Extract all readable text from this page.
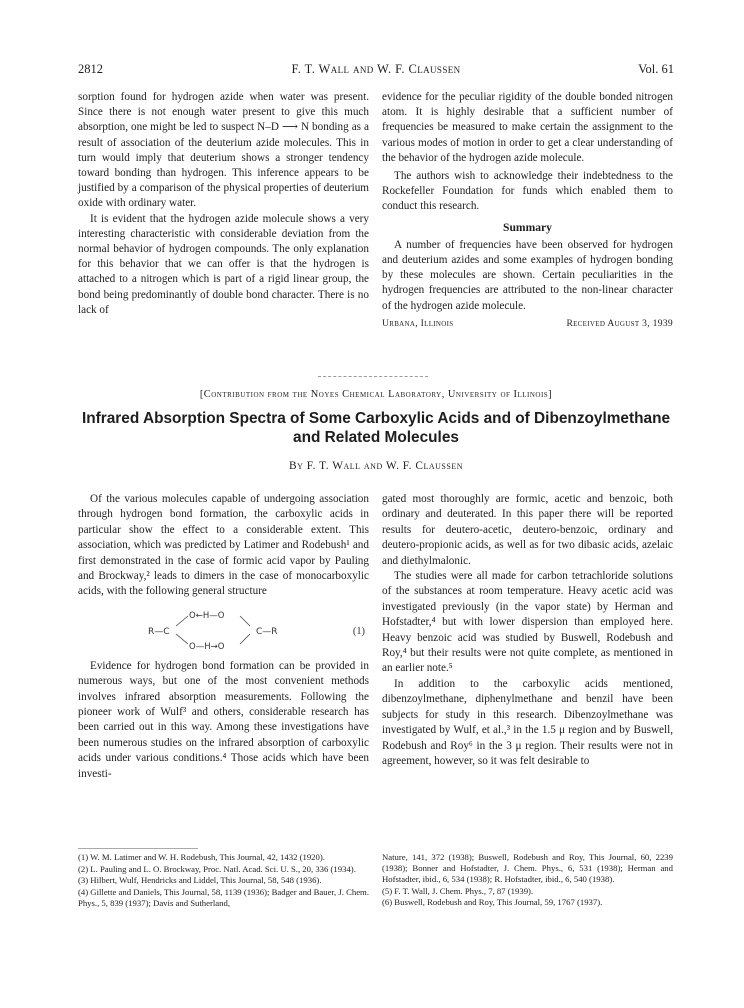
2812	F. T. Wall and W. F. Claussen	Vol. 61

sorption found for hydrogen azide when water was present. Since there is not enough water present to give this much absorption, one might be led to suspect N–D ⟶ N bonding as a result of association of the deuterium azide molecules. This in turn would imply that deuterium shows a stronger tendency toward bonding than hydrogen. This inference appears to be justified by a comparison of the physical properties of deuterium oxide with ordinary water.

It is evident that the hydrogen azide molecule shows a very interesting characteristic with considerable deviation from the normal behavior of hydrogen compounds. The only explanation for this behavior that we can offer is that the hydrogen is attached to a nitrogen which is part of a rigid linear group, the bond being predominantly of double bond character. There is no lack of

evidence for the peculiar rigidity of the double bonded nitrogen atom. It is highly desirable that a sufficient number of frequencies be measured to make certain the assignment to the various modes of motion in order to get a clear understanding of the behavior of the hydrogen azide molecule.

The authors wish to acknowledge their indebtedness to the Rockefeller Foundation for funds which enabled them to conduct this research.

Summary

A number of frequencies have been observed for hydrogen and deuterium azides and some examples of hydrogen bonding by these molecules are shown. Certain peculiarities in the hydrogen frequencies are attributed to the non-linear character of the hydrogen azide molecule.

Urbana, Illinois	Received August 3, 1939
[Contribution from the Noyes Chemical Laboratory, University of Illinois]
Infrared Absorption Spectra of Some Carboxylic Acids and of Dibenzoylmethane
and Related Molecules
By F. T. Wall and W. F. Claussen

Of the various molecules capable of undergoing association through hydrogen bond formation, the carboxylic acids in particular show the effect to a considerable extent. This association, which was predicted by Latimer and Rodebush¹ and first demonstrated in the case of formic acid vapor by Pauling and Brockway,² leads to dimers in the case of monocarboxylic acids, with the following general structure

R—C	C—R
O←H—O
O—H→O
(1)

Evidence for hydrogen bond formation can be provided in numerous ways, but one of the most convenient methods involves infrared absorption measurements. Following the pioneer work of Wulf³ and others, considerable research has been carried out in this way. Among these investigations have been numerous studies on the infrared absorption of carboxylic acids under various conditions.⁴ Those acids which have been investi-

gated most thoroughly are formic, acetic and benzoic, both ordinary and deuterated. In this paper there will be reported results for deutero-acetic, deutero-benzoic, ordinary and deutero-propionic acids, as well as for two dibasic acids, azelaic and diethylmalonic.

The studies were all made for carbon tetrachloride solutions of the substances at room temperature. Heavy acetic acid was investigated previously (in the vapor state) by Herman and Hofstadter,⁴ but with lower dispersion than employed here. Heavy benzoic acid was studied by Buswell, Rodebush and Roy,⁴ but their results were not quite complete, as mentioned in an earlier note.⁵

In addition to the carboxylic acids mentioned, dibenzoylmethane, diphenylmethane and benzil have been subjects for study in this research. Dibenzoylmethane was investigated by Wulf, et al.,³ in the 1.5 μ region and by Buswell, Rodebush and Roy⁶ in the 3 μ region. Their results were not in agreement, however, so it was felt desirable to

(1) W. M. Latimer and W. H. Rodebush, This Journal, 42, 1432 (1920).

(2) L. Pauling and L. O. Brockway, Proc. Natl. Acad. Sci. U. S., 20, 336 (1934).

(3) Hilbert, Wulf, Hendricks and Liddel, This Journal, 58, 548 (1936).

(4) Gillette and Daniels, This Journal, 58, 1139 (1936); Badger and Bauer, J. Chem. Phys., 5, 839 (1937); Davis and Sutherland,

Nature, 141, 372 (1938); Buswell, Rodebush and Roy, This Journal, 60, 2239 (1938); Bonner and Hofstadter, J. Chem. Phys., 6, 531 (1938); Herman and Hofstadter, ibid., 6, 534 (1938); R. Hofstadter, ibid., 6, 540 (1938).

(5) F. T. Wall, J. Chem. Phys., 7, 87 (1939).

(6) Buswell, Rodebush and Roy, This Journal, 59, 1767 (1937).
